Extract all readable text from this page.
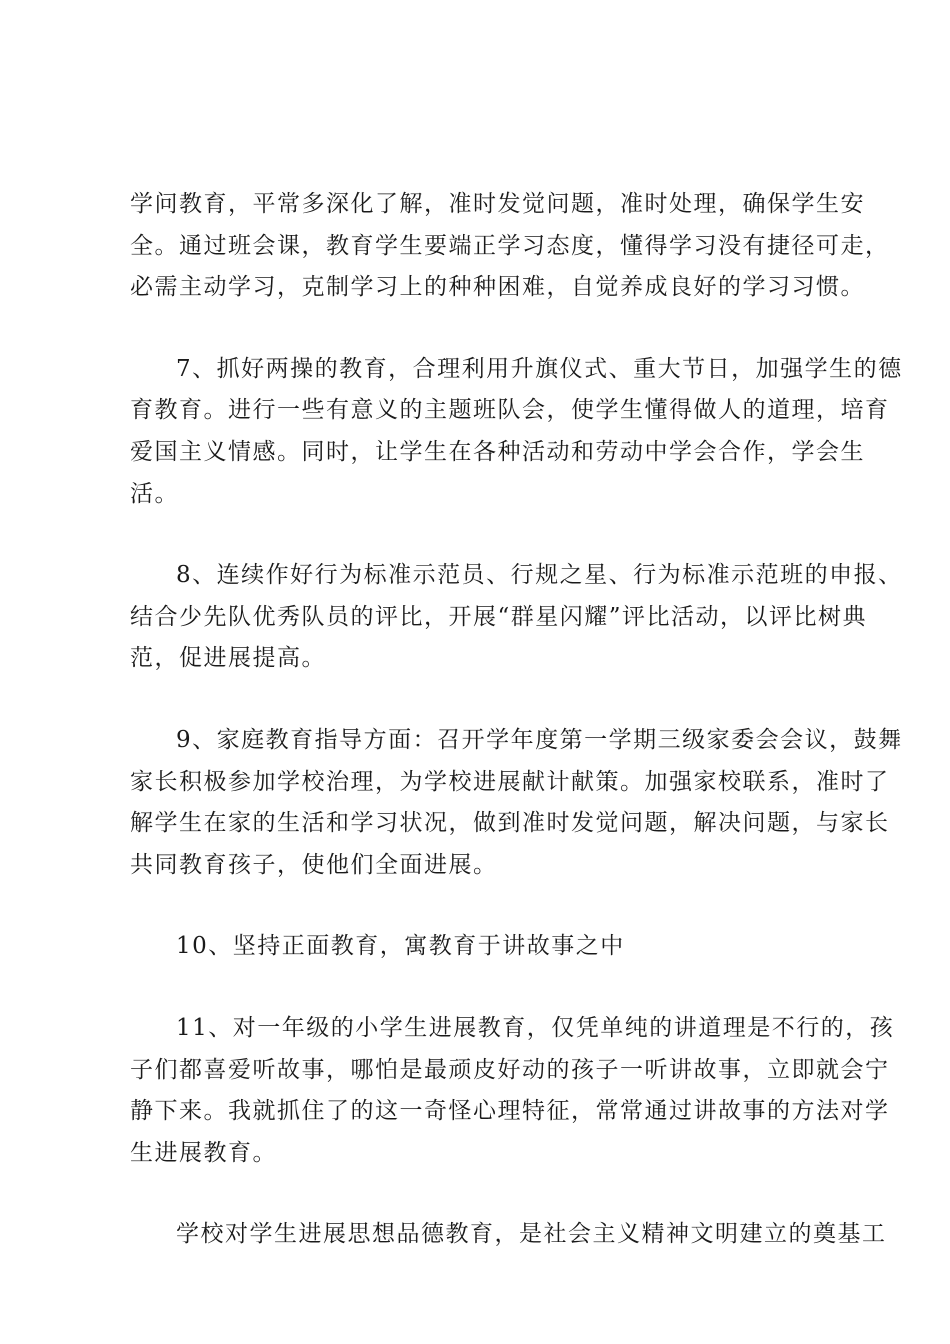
学问教育，平常多深化了解，准时发觉问题，准时处理，确保学生安
全。通过班会课，教育学生要端正学习态度，懂得学习没有捷径可走，
必需主动学习，克制学习上的种种困难，自觉养成良好的学习习惯。
7、抓好两操的教育，合理利用升旗仪式、重大节日，加强学生的德
育教育。进行一些有意义的主题班队会，使学生懂得做人的道理，培育
爱国主义情感。同时，让学生在各种活动和劳动中学会合作，学会生
活。
8、连续作好行为标准示范员、行规之星、行为标准示范班的申报、
结合少先队优秀队员的评比，开展“群星闪耀”评比活动，以评比树典
范，促进展提高。
9、家庭教育指导方面：召开学年度第一学期三级家委会会议，鼓舞
家长积极参加学校治理，为学校进展献计献策。加强家校联系，准时了
解学生在家的生活和学习状况，做到准时发觉问题，解决问题，与家长
共同教育孩子，使他们全面进展。
10、坚持正面教育，寓教育于讲故事之中
11、对一年级的小学生进展教育，仅凭单纯的讲道理是不行的，孩
子们都喜爱听故事，哪怕是最顽皮好动的孩子一听讲故事，立即就会宁
静下来。我就抓住了的这一奇怪心理特征，常常通过讲故事的方法对学
生进展教育。
学校对学生进展思想品德教育，是社会主义精神文明建立的奠基工
